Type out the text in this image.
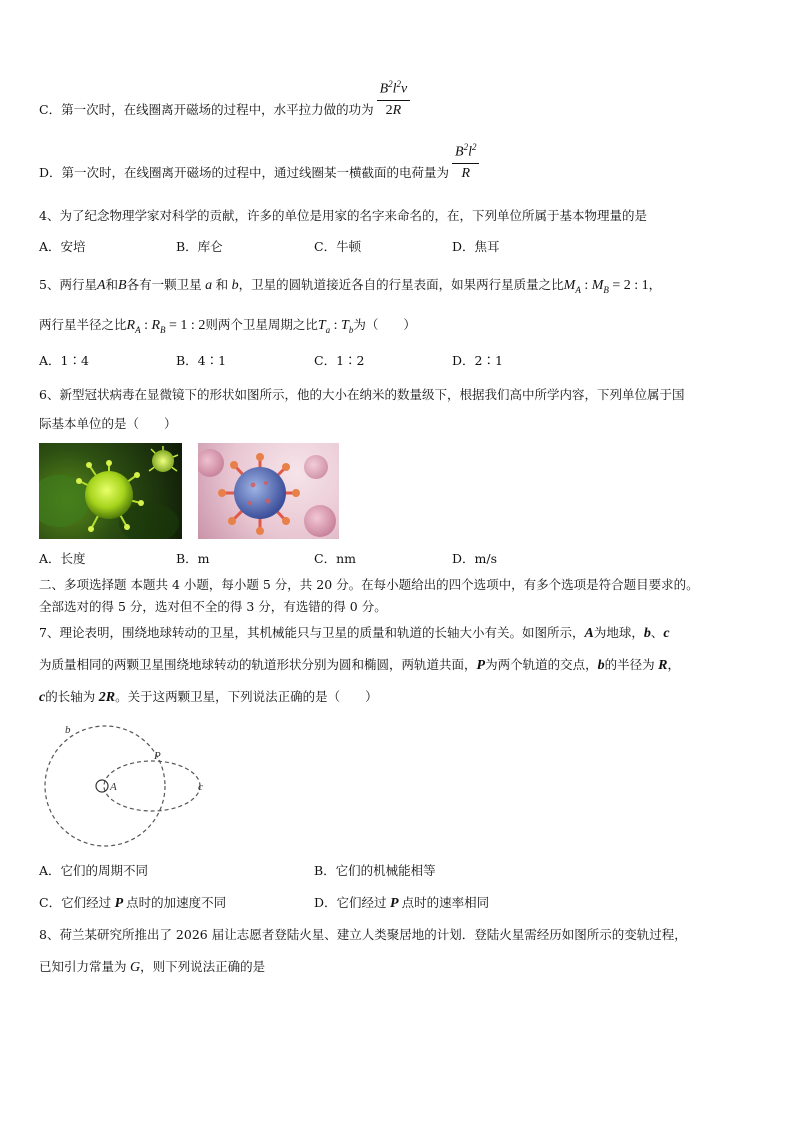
C．第一次时，在线圈离开磁场的过程中，水平拉力做的功为 $\frac{B^2l^2v}{2R}$
D．第一次时，在线圈离开磁场的过程中，通过线圈某一横截面的电荷量为 $\frac{B^2l^2}{R}$
4、为了纪念物理学家对科学的贡献，许多的单位是用家的名字来命名的，在，下列单位所属于基本物理量的是
A．安培	B．库仑	C．牛顿	D．焦耳
5、两行星A和B各有一颗卫星 a 和 b，卫星的圆轨道接近各自的行星表面，如果两行星质量之比$M_A$ : $M_B = 2$ : 1，
两行星半径之比$R_A$ : $R_B = 1$ : 2则两个卫星周期之比$T_a$ : $T_b$为（　　）
A．1∶4	B．4∶1	C．1∶2	D．2∶1
6、新型冠状病毒在显微镜下的形状如图所示，他的大小在纳米的数量级下，根据我们高中所学内容，下列单位属于国
际基本单位的是（　　）
A．长度	B．m	C．nm	D．m/s
二、多项选择题 本题共 4 小题，每小题 5 分，共 20 分。在每小题给出的四个选项中，有多个选项是符合题目要求的。
全部选对的得 5 分，选对但不全的得 3 分，有选错的得 0 分。
7、理论表明，围绕地球转动的卫星，其机械能只与卫星的质量和轨道的长轴大小有关。如图所示，A为地球，b、c
为质量相同的两颗卫星围绕地球转动的轨道形状分别为圆和椭圆，两轨道共面，P为两个轨道的交点，b的半径为 R，
c的长轴为 2R。关于这两颗卫星，下列说法正确的是（　　）
b
P
A	c
A．它们的周期不同	B．它们的机械能相等
C．它们经过 P 点时的加速度不同	D．它们经过 P 点时的速率相同
8、荷兰某研究所推出了 2026 届让志愿者登陆火星、建立人类聚居地的计划．登陆火星需经历如图所示的变轨过程，
已知引力常量为 G，则下列说法正确的是
